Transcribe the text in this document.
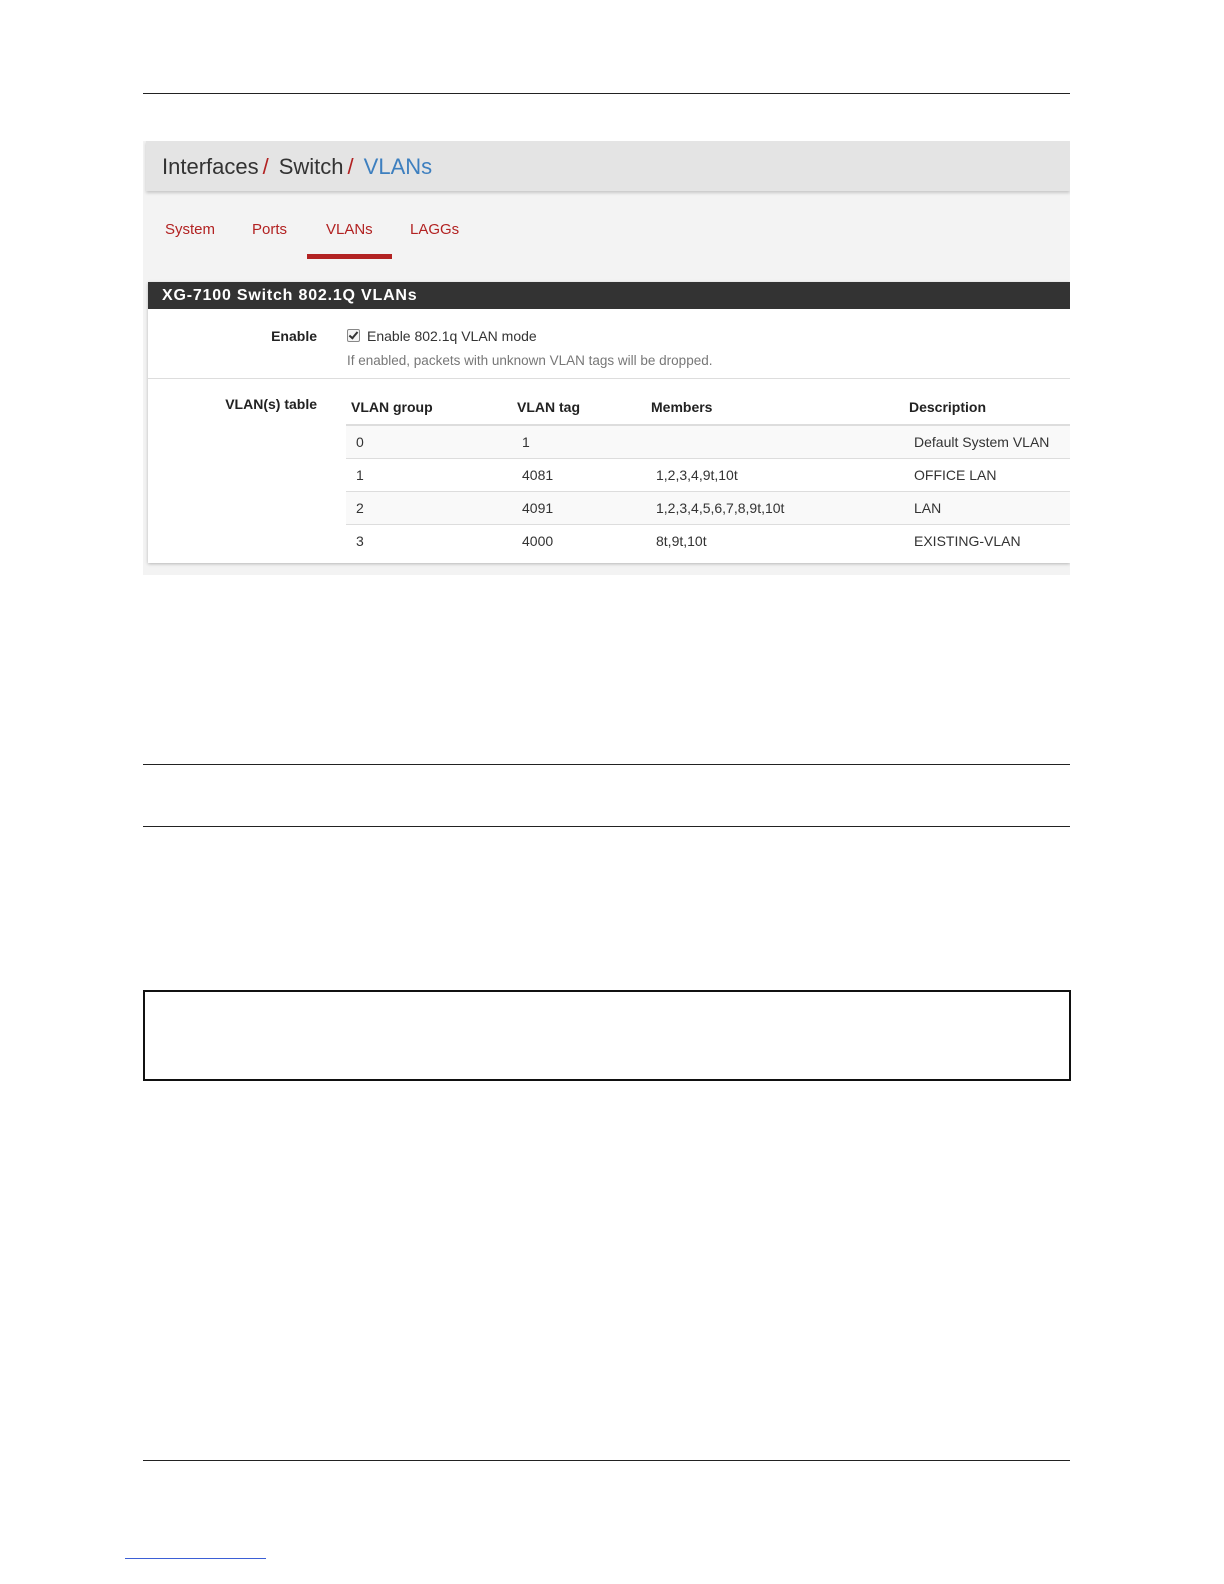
Interfaces / Switch / VLANs
System Ports	VLANs LAGGs
XG-7100 Switch 802.1Q VLANs
Enable	Enable 802.1q VLAN mode
If enabled, packets with unknown VLAN tags will be dropped.
VLAN(s) table VLAN group	VLAN tag	Members	Description
0	1		Default System VLAN
1	4081	1,2,3,4,9t,10t	OFFICE LAN
2	4091	1,2,3,4,5,6,7,8,9t,10t	LAN
3	4000	8t,9t,10t	EXISTING-VLAN
